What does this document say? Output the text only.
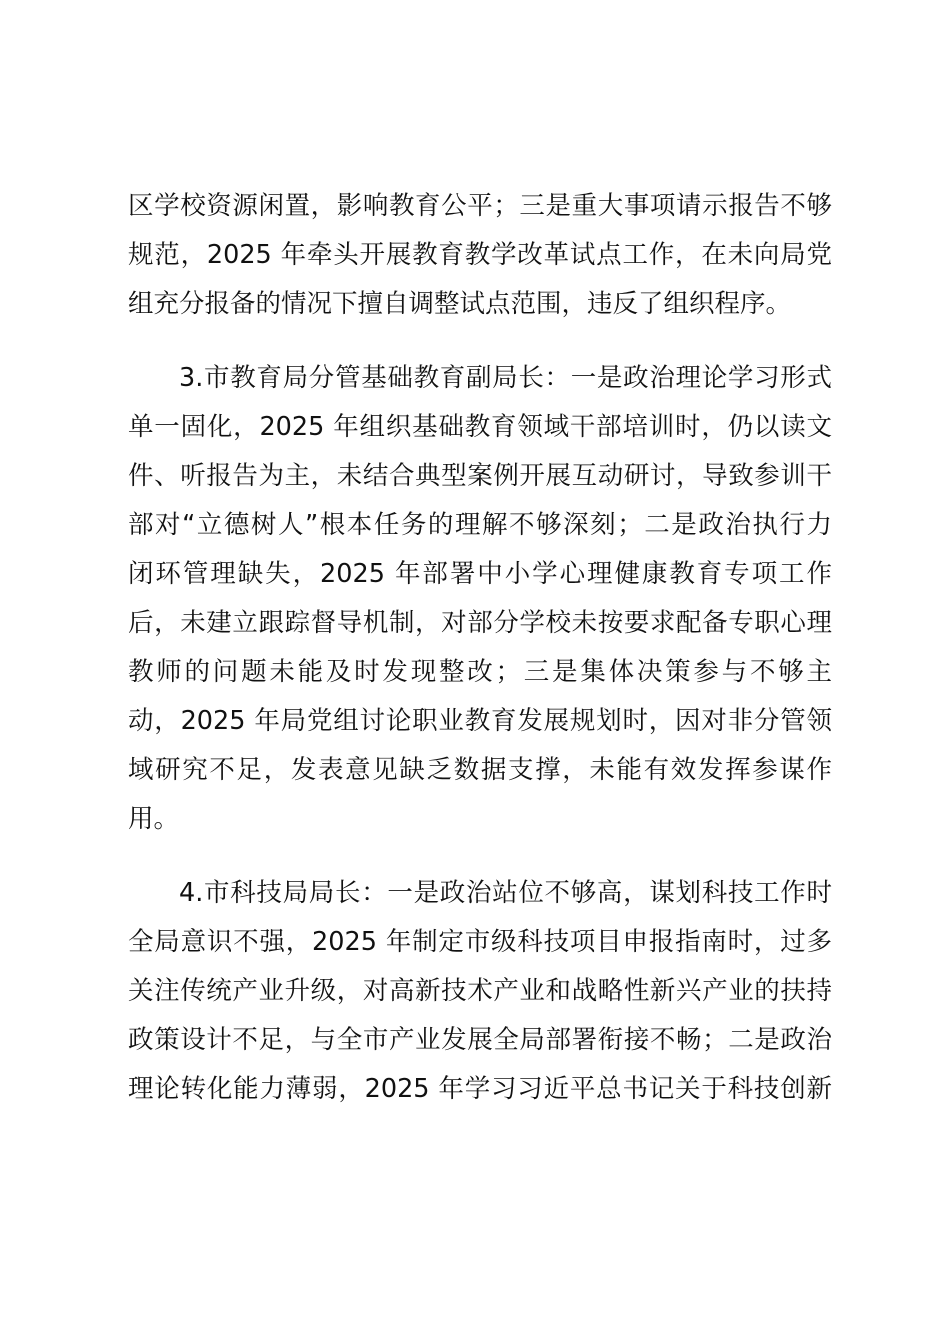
区学校资源闲置，影响教育公平；三是重大事项请示报告不够
规范，2025 年牵头开展教育教学改革试点工作，在未向局党
组充分报备的情况下擅自调整试点范围，违反了组织程序。
3.市教育局分管基础教育副局长：一是政治理论学习形式
单一固化，2025 年组织基础教育领域干部培训时，仍以读文
件、听报告为主，未结合典型案例开展互动研讨，导致参训干
部对“立德树人”根本任务的理解不够深刻；二是政治执行力
闭环管理缺失，2025 年部署中小学心理健康教育专项工作
后，未建立跟踪督导机制，对部分学校未按要求配备专职心理
教师的问题未能及时发现整改；三是集体决策参与不够主
动，2025 年局党组讨论职业教育发展规划时，因对非分管领
域研究不足，发表意见缺乏数据支撑，未能有效发挥参谋作
用。
4.市科技局局长：一是政治站位不够高，谋划科技工作时
全局意识不强，2025 年制定市级科技项目申报指南时，过多
关注传统产业升级，对高新技术产业和战略性新兴产业的扶持
政策设计不足，与全市产业发展全局部署衔接不畅；二是政治
理论转化能力薄弱，2025 年学习习近平总书记关于科技创新
